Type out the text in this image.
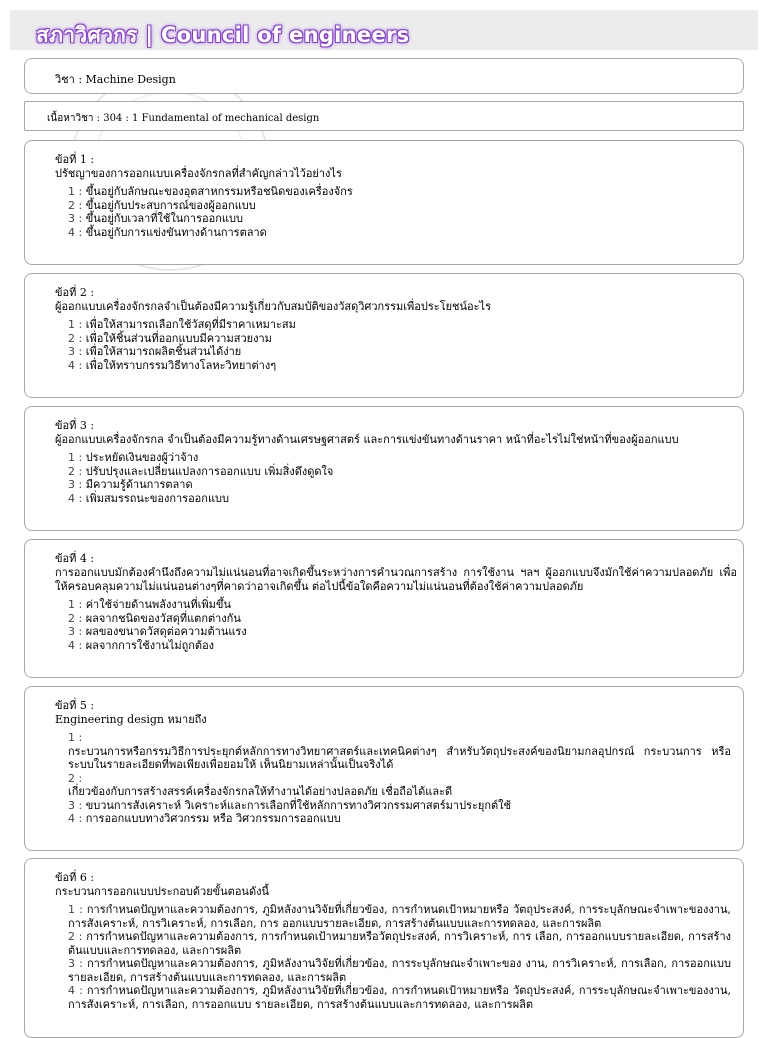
สภาวิศวกร | Council of engineers
วิชา : Machine Design
เนื้อหาวิชา : 304 : 1 Fundamental of mechanical design
ข้อที่ 1 :
ปรัชญาของการออกแบบเครื่องจักรกลที่สำคัญกล่าวไว้อย่างไร
1 : ขึ้นอยู่กับลักษณะของอุตสาหกรรมหรือชนิดของเครื่องจักร
2 : ขึ้นอยู่กับประสบการณ์ของผู้ออกแบบ
3 : ขึ้นอยู่กับเวลาที่ใช้ในการออกแบบ
4 : ขึ้นอยู่กับการแข่งขันทางด้านการตลาด
ข้อที่ 2 :
ผู้ออกแบบเครื่องจักรกลจำเป็นต้องมีความรู้เกี่ยวกับสมบัติของวัสดุวิศวกรรมเพื่อประโยชน์อะไร
1 : เพื่อให้สามารถเลือกใช้วัสดุที่มีราคาเหมาะสม
2 : เพื่อให้ชิ้นส่วนที่ออกแบบมีความสวยงาม
3 : เพื่อให้สามารถผลิตชิ้นส่วนได้ง่าย
4 : เพื่อให้ทราบกรรมวิธีทางโลหะวิทยาต่างๆ
ข้อที่ 3 :
ผู้ออกแบบเครื่องจักรกล จำเป็นต้องมีความรู้ทางด้านเศรษฐศาสตร์ และการแข่งขันทางด้านราคา หน้าที่อะไรไม่ใช่หน้าที่ของผู้ออกแบบ
1 : ประหยัดเงินของผู้ว่าจ้าง
2 : ปรับปรุงและเปลี่ยนแปลงการออกแบบ เพิ่มสิ่งดึงดูดใจ
3 : มีความรู้ด้านการตลาด
4 : เพิ่มสมรรถนะของการออกแบบ
ข้อที่ 4 :
การออกแบบมักต้องคำนึงถึงความไม่แน่นอนที่อาจเกิดขึ้นระหว่างการคำนวณการสร้าง การใช้งาน ฯลฯ ผู้ออกแบบจึงมักใช้ค่าความปลอดภัย เพื่อให้ครอบคลุมความไม่แน่นอนต่างๆที่คาดว่าอาจเกิดขึ้น ต่อไปนี้ข้อใดคือความไม่แน่นอนที่ต้องใช้ค่าความปลอดภัย
1 : ค่าใช้จ่ายด้านพลังงานที่เพิ่มขึ้น
2 : ผลจากชนิดของวัสดุที่แตกต่างกัน
3 : ผลของขนาดวัสดุต่อความต้านแรง
4 : ผลจากการใช้งานไม่ถูกต้อง
ข้อที่ 5 :
Engineering design หมายถึง
1 :
กระบวนการหรือกรรมวิธีการประยุกต์หลักการทางวิทยาศาสตร์และเทคนิคต่างๆ สำหรับวัตถุประสงค์ของนิยามกลอุปกรณ์ กระบวนการ หรือระบบในรายละเอียดที่พอเพียงเพื่อยอมให้ เห็นนิยามเหล่านั้นเป็นจริงได้
2 :
เกี่ยวข้องกับการสร้างสรรค์เครื่องจักรกลให้ทำงานได้อย่างปลอดภัย เชื่อถือได้และดี
3 : ขบวนการสังเคราะห์ วิเคราะห์และการเลือกที่ใช้หลักการทางวิศวกรรมศาสตร์มาประยุกต์ใช้
4 : การออกแบบทางวิศวกรรม หรือ วิศวกรรมการออกแบบ
ข้อที่ 6 :
กระบวนการออกแบบประกอบด้วยขั้นตอนดังนี้
1 : การกำหนดปัญหาและความต้องการ, ภูมิหลังงานวิจัยที่เกี่ยวข้อง, การกำหนดเป้าหมายหรือ วัตถุประสงค์, การระบุลักษณะจำเพาะของงาน, การสังเคราะห์, การวิเคราะห์, การเลือก, การ ออกแบบรายละเอียด, การสร้างต้นแบบและการทดลอง, และการผลิต
2 : การกำหนดปัญหาและความต้องการ, การกำหนดเป้าหมายหรือวัตถุประสงค์, การวิเคราะห์, การ เลือก, การออกแบบรายละเอียด, การสร้างต้นแบบและการทดลอง, และการผลิต
3 : การกำหนดปัญหาและความต้องการ, ภูมิหลังงานวิจัยที่เกี่ยวข้อง, การระบุลักษณะจำเพาะของ งาน, การวิเคราะห์, การเลือก, การออกแบบรายละเอียด, การสร้างต้นแบบและการทดลอง, และการผลิต
4 : การกำหนดปัญหาและความต้องการ, ภูมิหลังงานวิจัยที่เกี่ยวข้อง, การกำหนดเป้าหมายหรือ วัตถุประสงค์, การระบุลักษณะจำเพาะของงาน, การสังเคราะห์, การเลือก, การออกแบบ รายละเอียด, การสร้างต้นแบบและการทดลอง, และการผลิต
